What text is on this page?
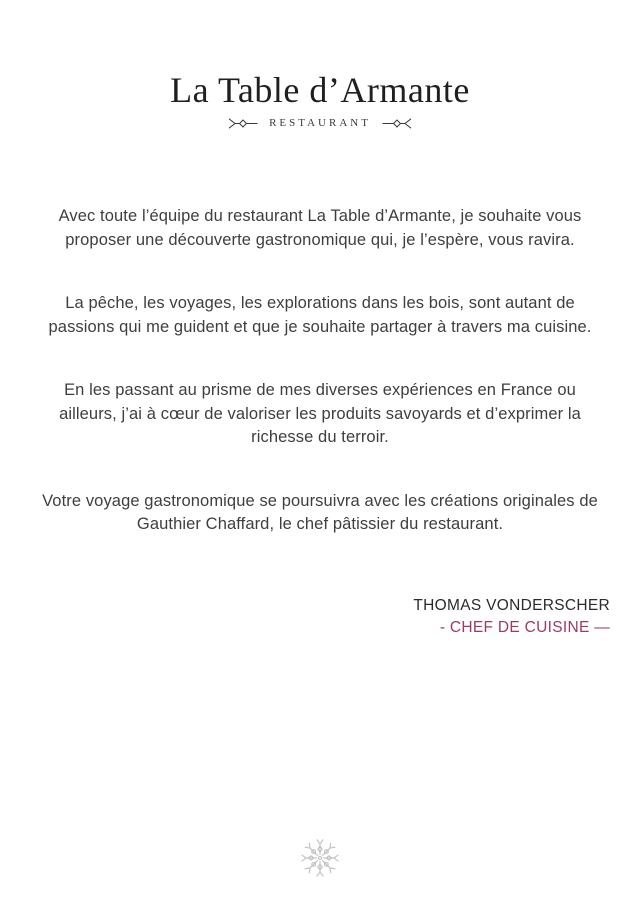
La Table d’Armante
RESTAURANT

Avec toute l’équipe du restaurant La Table d’Armante, je souhaite vous proposer une découverte gastronomique qui, je l’espère, vous ravira.

La pêche, les voyages, les explorations dans les bois, sont autant de passions qui me guident et que je souhaite partager à travers ma cuisine.

En les passant au prisme de mes diverses expériences en France ou ailleurs, j’ai à cœur de valoriser les produits savoyards et d’exprimer la richesse du terroir.

Votre voyage gastronomique se poursuivra avec les créations originales de Gauthier Chaffard, le chef pâtissier du restaurant.

THOMAS VONDERSCHER
- CHEF DE CUISINE —
